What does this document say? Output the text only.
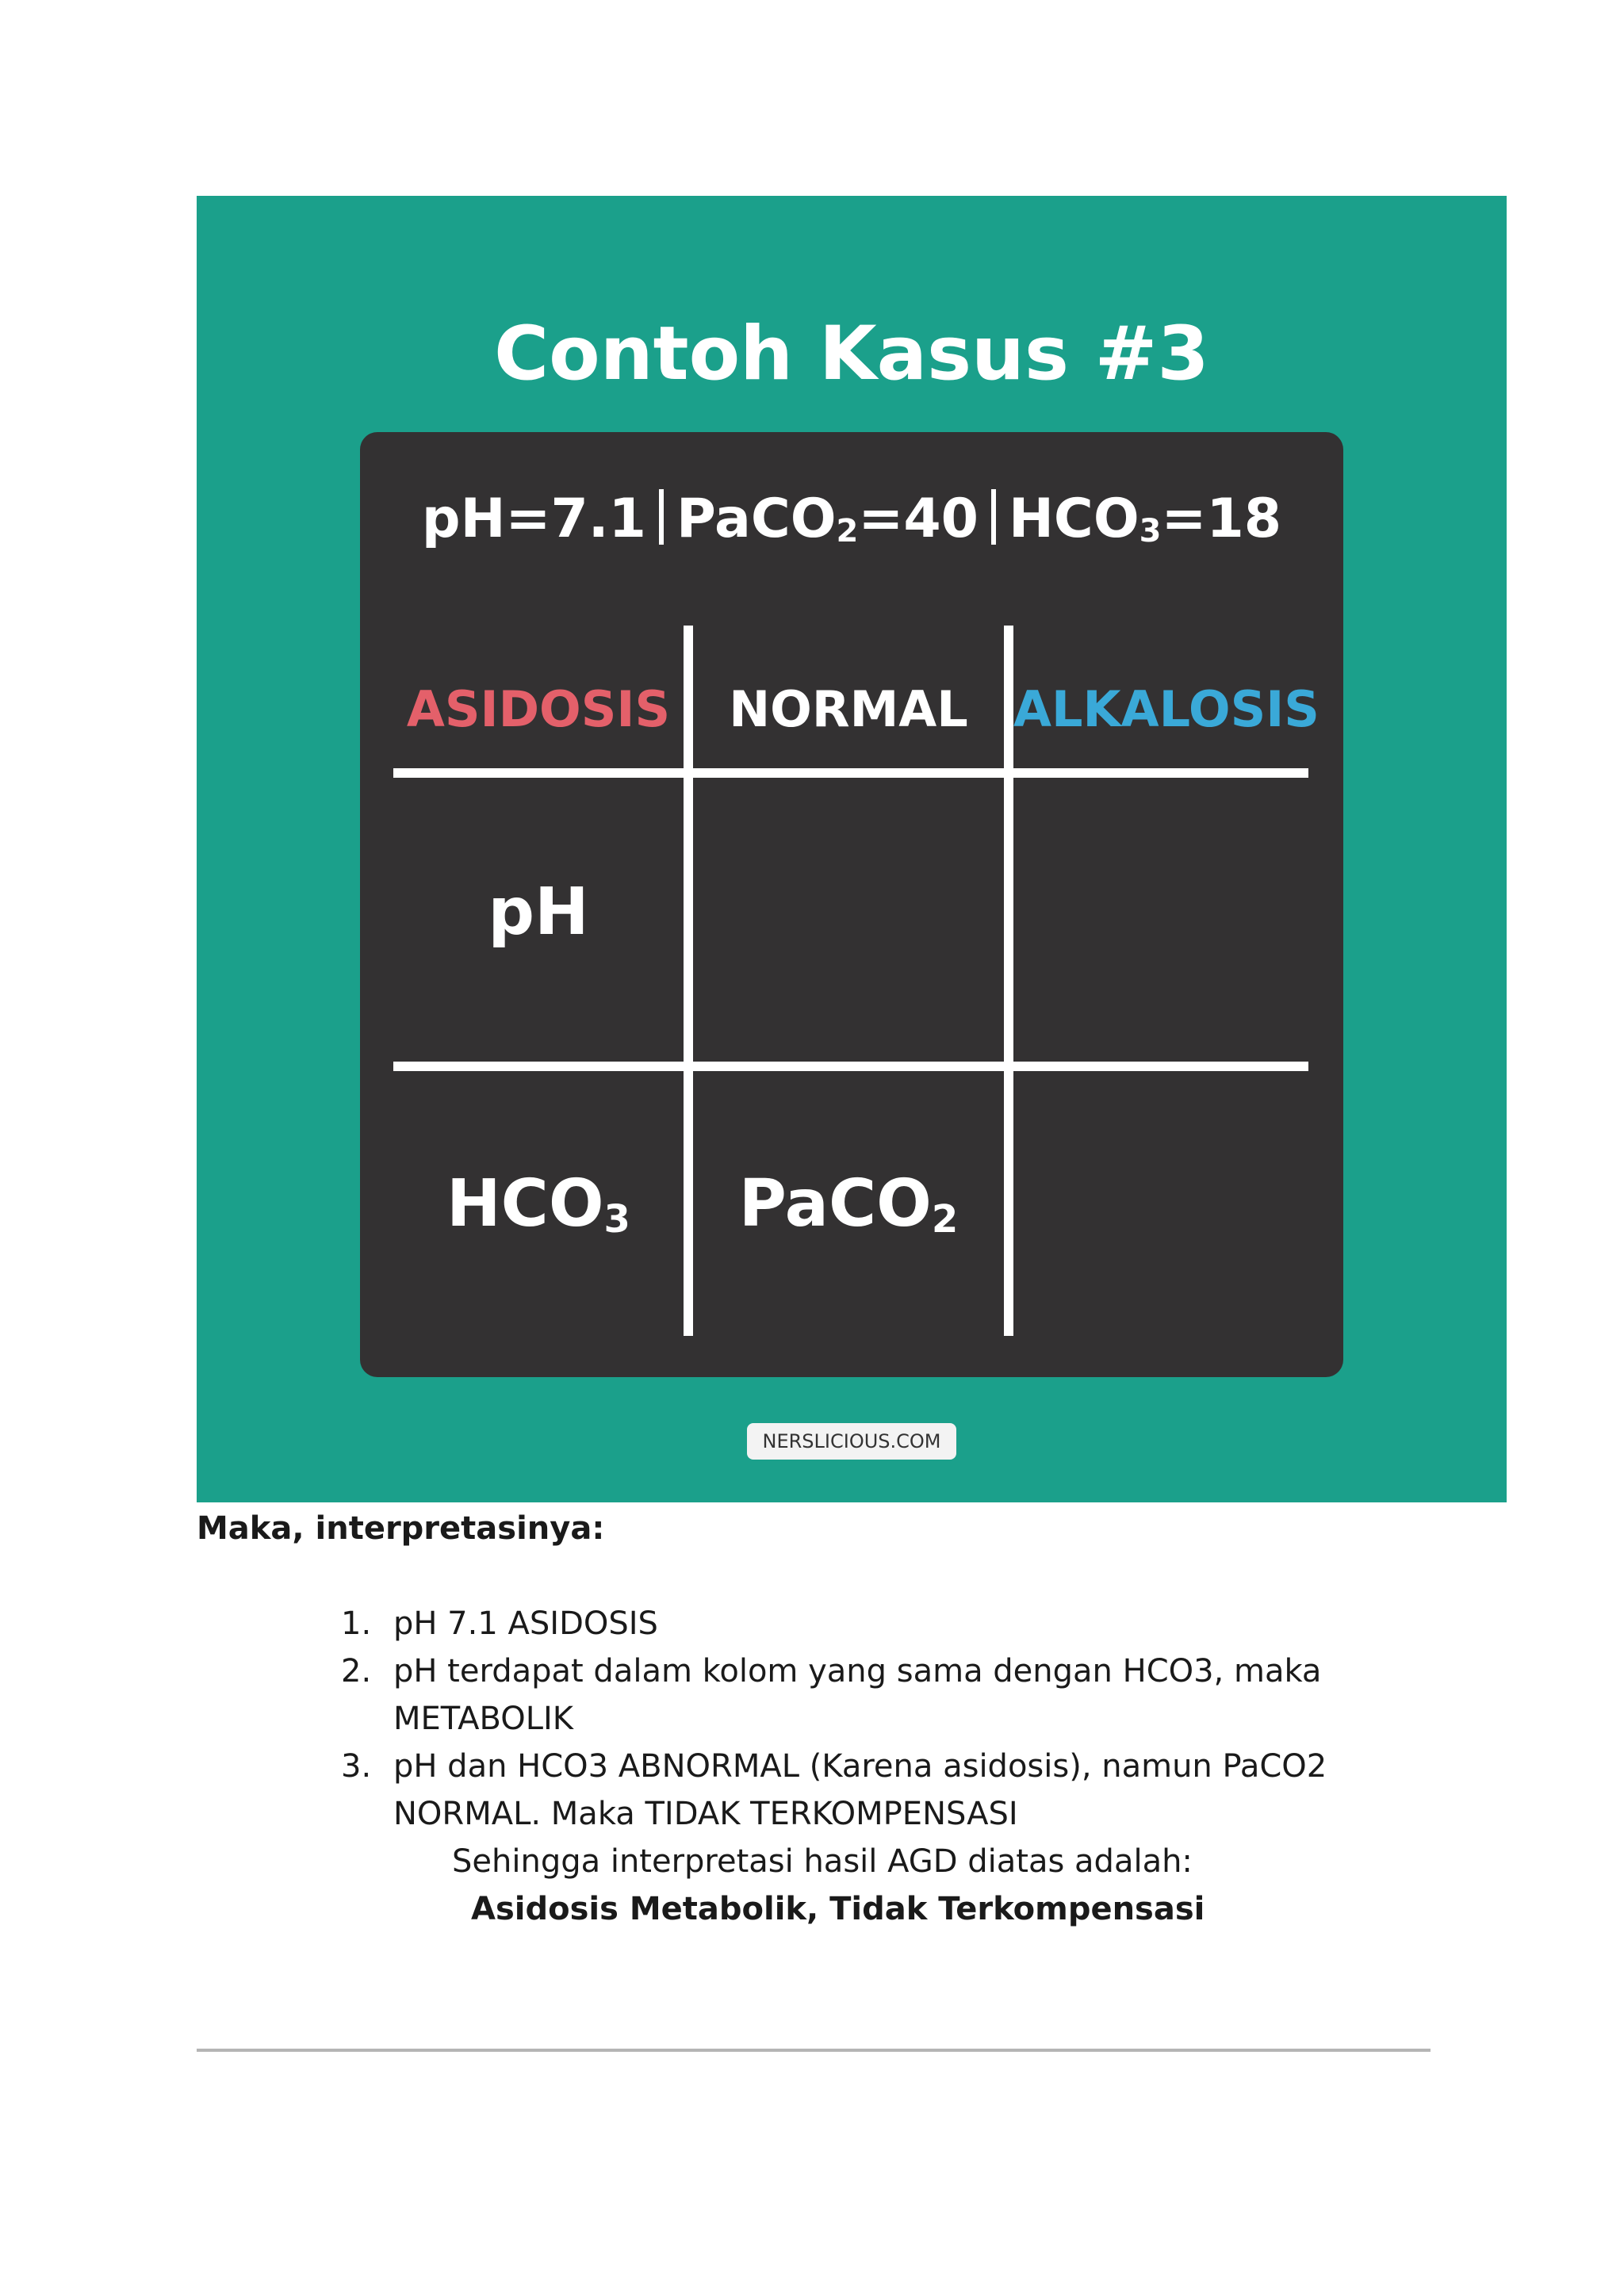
Contoh Kasus #3
pH=7.1 PaCO$_2$=40 $HCO_3=18$
ASIDOSIS	NORMAL ALKALOSIS
pH
$HCO_3$	PaCO$_2$
NERSLICIOUS.COM
Maka, interpretasinya:
1. pH 7.1 ASIDOSIS
2. pH terdapat dalam kolom yang sama dengan HCO3, maka METABOLIK
3. pH dan HCO3 ABNORMAL (Karena asidosis), namun PaCO2 NORMAL. Maka TIDAK TERKOMPENSASI
Sehingga interpretasi hasil AGD diatas adalah:
Asidosis Metabolik, Tidak Terkompensasi
